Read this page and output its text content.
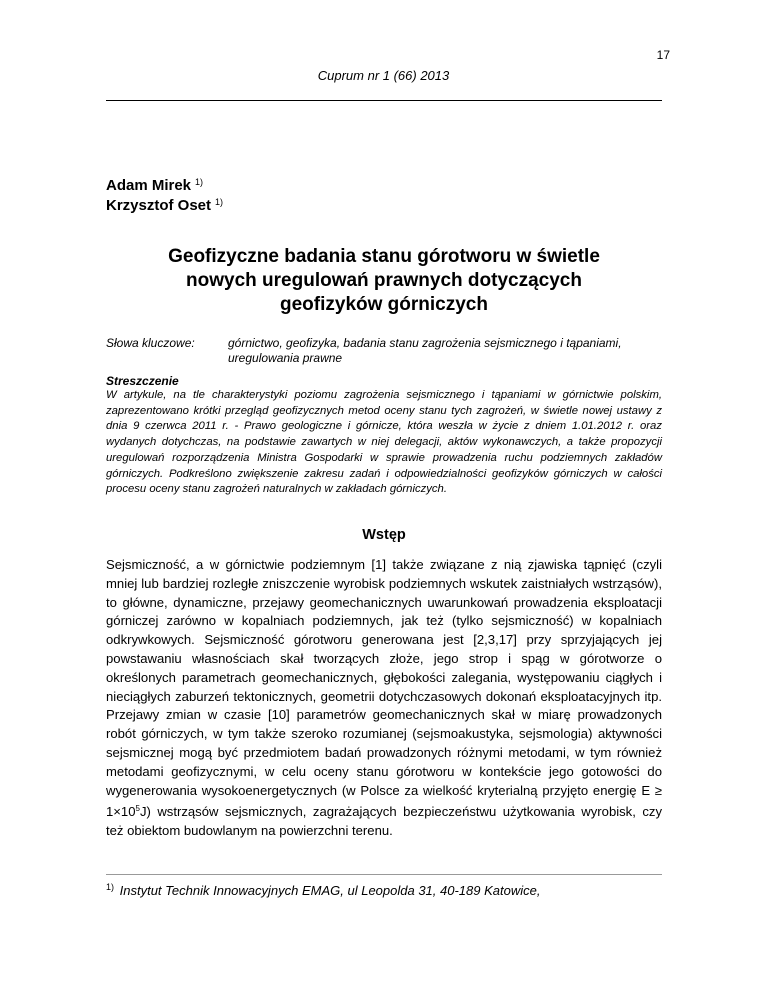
17
Cuprum nr 1 (66) 2013
Adam Mirek $^{1)}$
Krzysztof Oset $^{1)}$
Geofizyczne badania stanu górotworu w świetle
nowych uregulowań prawnych dotyczących
geofizyków górniczych
Słowa kluczowe:	górnictwo, geofizyka, badania stanu zagrożenia sejsmicznego i tąpaniami, uregulowania prawne
Streszczenie
W artykule, na tle charakterystyki poziomu zagrożenia sejsmicznego i tąpaniami w górnictwie polskim, zaprezentowano krótki przegląd geofizycznych metod oceny stanu tych zagrożeń, w świetle nowej ustawy z dnia 9 czerwca 2011 r. - Prawo geologiczne i górnicze, która weszła w życie z dniem 1.01.2012 r. oraz wydanych dotychczas, na podstawie zawartych w niej delegacji, aktów wykonawczych, a także propozycji uregulowań rozporządzenia Ministra Gospodarki w sprawie prowadzenia ruchu podziemnych zakładów górniczych. Podkreślono zwiększenie zakresu zadań i odpowiedzialności geofizyków górniczych w całości procesu oceny stanu zagrożeń naturalnych w zakładach górniczych.
Wstęp
Sejsmiczność, a w górnictwie podziemnym [1] także związane z nią zjawiska tąpnięć (czyli mniej lub bardziej rozległe zniszczenie wyrobisk podziemnych wskutek zaistniałych wstrząsów), to główne, dynamiczne, przejawy geomechanicznych uwarunkowań prowadzenia eksploatacji górniczej zarówno w kopalniach podziemnych, jak też (tylko sejsmiczność) w kopalniach odkrywkowych. Sejsmiczność górotworu generowana jest [2,3,17] przy sprzyjających jej powstawaniu własnościach skał tworzących złoże, jego strop i spąg w górotworze o określonych parametrach geomechanicznych, głębokości zalegania, występowaniu ciągłych i nieciągłych zaburzeń tektonicznych, geometrii dotychczasowych dokonań eksploatacyjnych itp. Przejawy zmian w czasie [10] parametrów geomechanicznych skał w miarę prowadzonych robót górniczych, w tym także szeroko rozumianej (sejsmoakustyka, sejsmologia) aktywności sejsmicznej mogą być przedmiotem badań prowadzonych różnymi metodami, w tym również metodami geofizycznymi, w celu oceny stanu górotworu w kontekście jego gotowości do wygenerowania wysokoenergetycznych (w Polsce za wielkość kryterialną przyjęto energię $E \ge 1\times 10^5J$) wstrząsów sejsmicznych, zagrażających bezpieczeństwu użytkowania wyrobisk, czy też obiektom budowlanym na powierzchni terenu.
$^{1)}$ Instytut Technik Innowacyjnych EMAG, ul Leopolda 31, 40-189 Katowice,
